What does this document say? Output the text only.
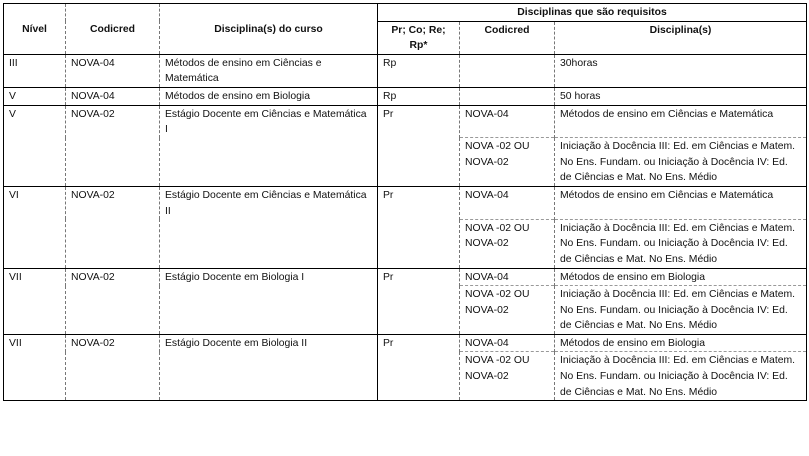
Nível	Codicred	Disciplina(s) do curso	Disciplinas que são requisitos		
			Pr; Co; Re; Rp*	Codicred	Disciplina(s)
III	NOVA-04	Métodos de ensino em Ciências e Matemática	Rp		30horas
V	NOVA-04	Métodos de ensino em Biologia	Rp		50 horas
V	NOVA-02	Estágio Docente em Ciências e Matemática I	Pr	NOVA-04	Métodos de ensino em Ciências e Matemática
				NOVA -02 OU NOVA-02	Iniciação à Docência III: Ed. em Ciências e Matem. No Ens. Fundam. ou Iniciação à Docência IV: Ed. de Ciências e Mat. No Ens. Médio
VI	NOVA-02	Estágio Docente em Ciências e Matemática II	Pr	NOVA-04	Métodos de ensino em Ciências e Matemática
				NOVA -02 OU NOVA-02	Iniciação à Docência III: Ed. em Ciências e Matem. No Ens. Fundam. ou Iniciação à Docência IV: Ed. de Ciências e Mat. No Ens. Médio
VII	NOVA-02	Estágio Docente em Biologia I	Pr	NOVA-04	Métodos de ensino em Biologia
				NOVA -02 OU NOVA-02	Iniciação à Docência III: Ed. em Ciências e Matem. No Ens. Fundam. ou Iniciação à Docência IV: Ed. de Ciências e Mat. No Ens. Médio
VII	NOVA-02	Estágio Docente em Biologia II	Pr	NOVA-04	Métodos de ensino em Biologia
				NOVA -02 OU NOVA-02	Iniciação à Docência III: Ed. em Ciências e Matem. No Ens. Fundam. ou Iniciação à Docência IV: Ed. de Ciências e Mat. No Ens. Médio
